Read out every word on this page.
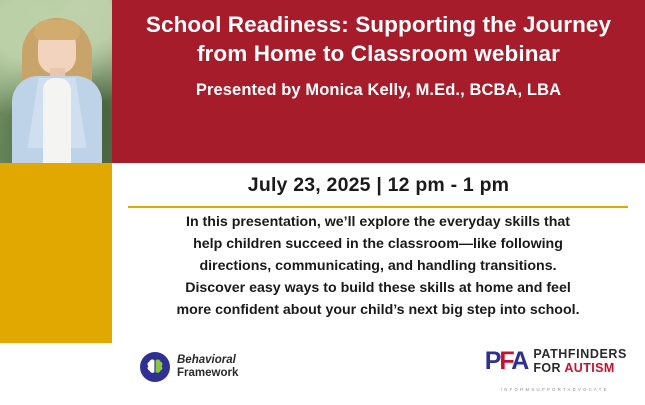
School Readiness: Supporting the Journey from Home to Classroom webinar
Presented by Monica Kelly, M.Ed., BCBA, LBA
July 23, 2025 | 12 pm - 1 pm

In this presentation, we’ll explore the everyday skills that

help children succeed in the classroom—like following

directions, communicating, and handling transitions.

Discover easy ways to build these skills at home and feel

more confident about your child’s next big step into school.

Behavioral
Framework	PFA PATHFINDERS
FOR AUTISM
I N F O R M S U P P O R T A D V O C A T E
